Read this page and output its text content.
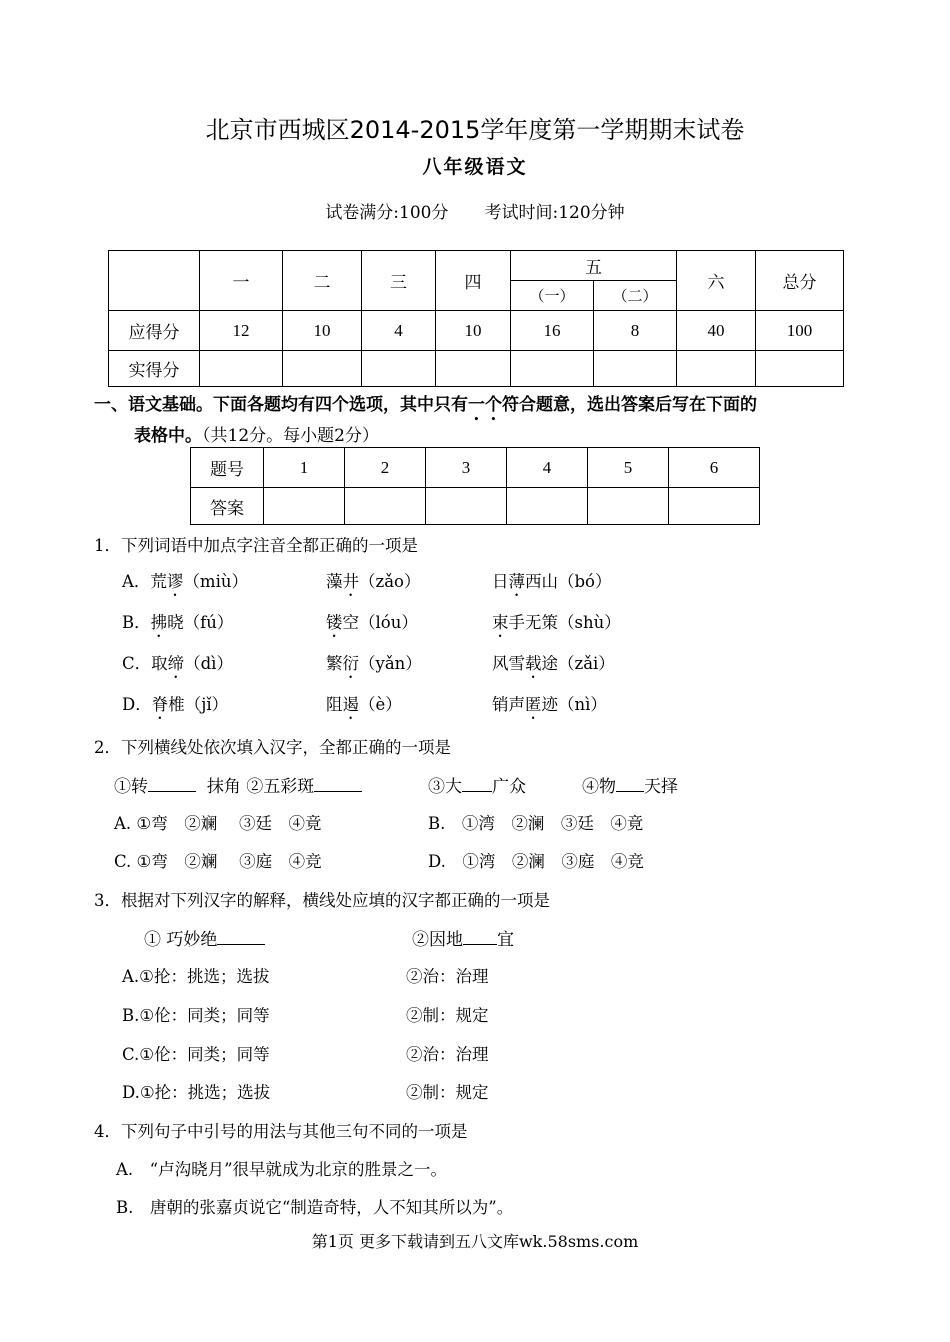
北京市西城区2014-2015学年度第一学期期末试卷
八年级语文
试卷满分:100分 考试时间:120分钟
	一	二	三	四	五		六	总分
					（一）	（二）		
应得分	12	10	4	10	16	8	40	100
实得分								
一、语文基础。下面各题均有四个选项，其中只有一个符合题意，选出答案后写在下面的
表格中。（共12分。每小题2分）
题号	1	2	3	4	5	6
答案						
1．下列词语中加点字注音全都正确的一项是
A．荒谬（miù）	藻井（zǎo）	日薄西山（bó）
B．拂晓（fú）	镂空（lóu）	束手无策（shù）
C．取缔（dì）	繁衍（yǎn）	风雪载途（zǎi）
D．脊椎（jǐ）	阻遏（è）	销声匿迹（nì）
2．下列横线处依次填入汉字，全都正确的一项是
①转	抹角 ②五彩斑	③大 广众	④物 天择
A. ①弯　②斓　 ③廷　④竟	B.　①湾　②澜　③廷　④竟
C. ①弯　②斓　 ③庭　④竞	D.　①湾　②澜　③庭　④竞
3．根据对下列汉字的解释，横线处应填的汉字都正确的一项是
① 巧妙绝	②因地 宜
A.①抡：挑选；选拔	②治：治理
B.①伦：同类；同等	②制：规定
C.①伦：同类；同等	②治：治理
D.①抡：挑选；选拔	②制：规定
4．下列句子中引号的用法与其他三句不同的一项是
A.　“卢沟晓月”很早就成为北京的胜景之一。
B.　唐朝的张嘉贞说它“制造奇特，人不知其所以为”。
第1页 更多下载请到五八文库wk.58sms.com
